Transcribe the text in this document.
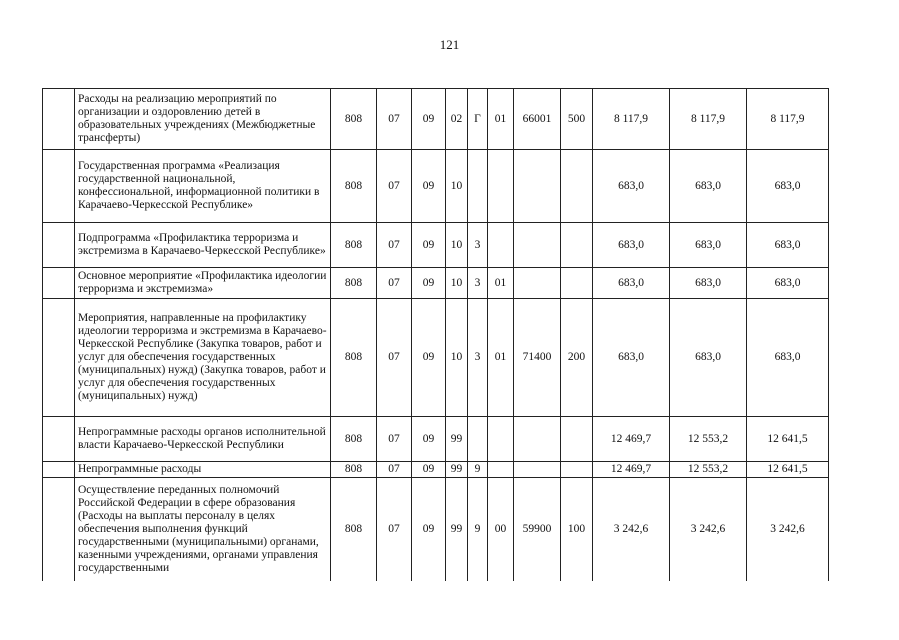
121
	Расходы на реализацию мероприятий по организации и оздоровлению детей в образовательных учреждениях (Межбюджетные трансферты)	808	07	09	02	Г	01	66001	500	8 117,9	8 117,9	8 117,9
	Государственная программа «Реализация государственной национальной, конфессиональной, информационной политики в Карачаево-Черкесской Республике»	808	07	09	10					683,0	683,0	683,0
	Подпрограмма «Профилактика терроризма и экстремизма в Карачаево-Черкесской Республике»	808	07	09	10	3				683,0	683,0	683,0
	Основное мероприятие «Профилактика идеологии терроризма и экстремизма»	808	07	09	10	3	01			683,0	683,0	683,0
	Мероприятия, направленные на профилактику идеологии терроризма и экстремизма в Карачаево-Черкесской Республике (Закупка товаров, работ и услуг для обеспечения государственных (муниципальных) нужд) (Закупка товаров, работ и услуг для обеспечения государственных (муниципальных) нужд)	808	07	09	10	3	01	71400	200	683,0	683,0	683,0
	Непрограммные расходы органов исполнительной власти Карачаево-Черкесской Республики	808	07	09	99					12 469,7	12 553,2	12 641,5
	Непрограммные расходы	808	07	09	99	9				12 469,7	12 553,2	12 641,5
	Осуществление переданных полномочий Российской Федерации в сфере образования (Расходы на выплаты персоналу в целях обеспечения выполнения функций государственными (муниципальными) органами, казенными учреждениями, органами управления государственными	808	07	09	99	9	00	59900	100	3 242,6	3 242,6	3 242,6
